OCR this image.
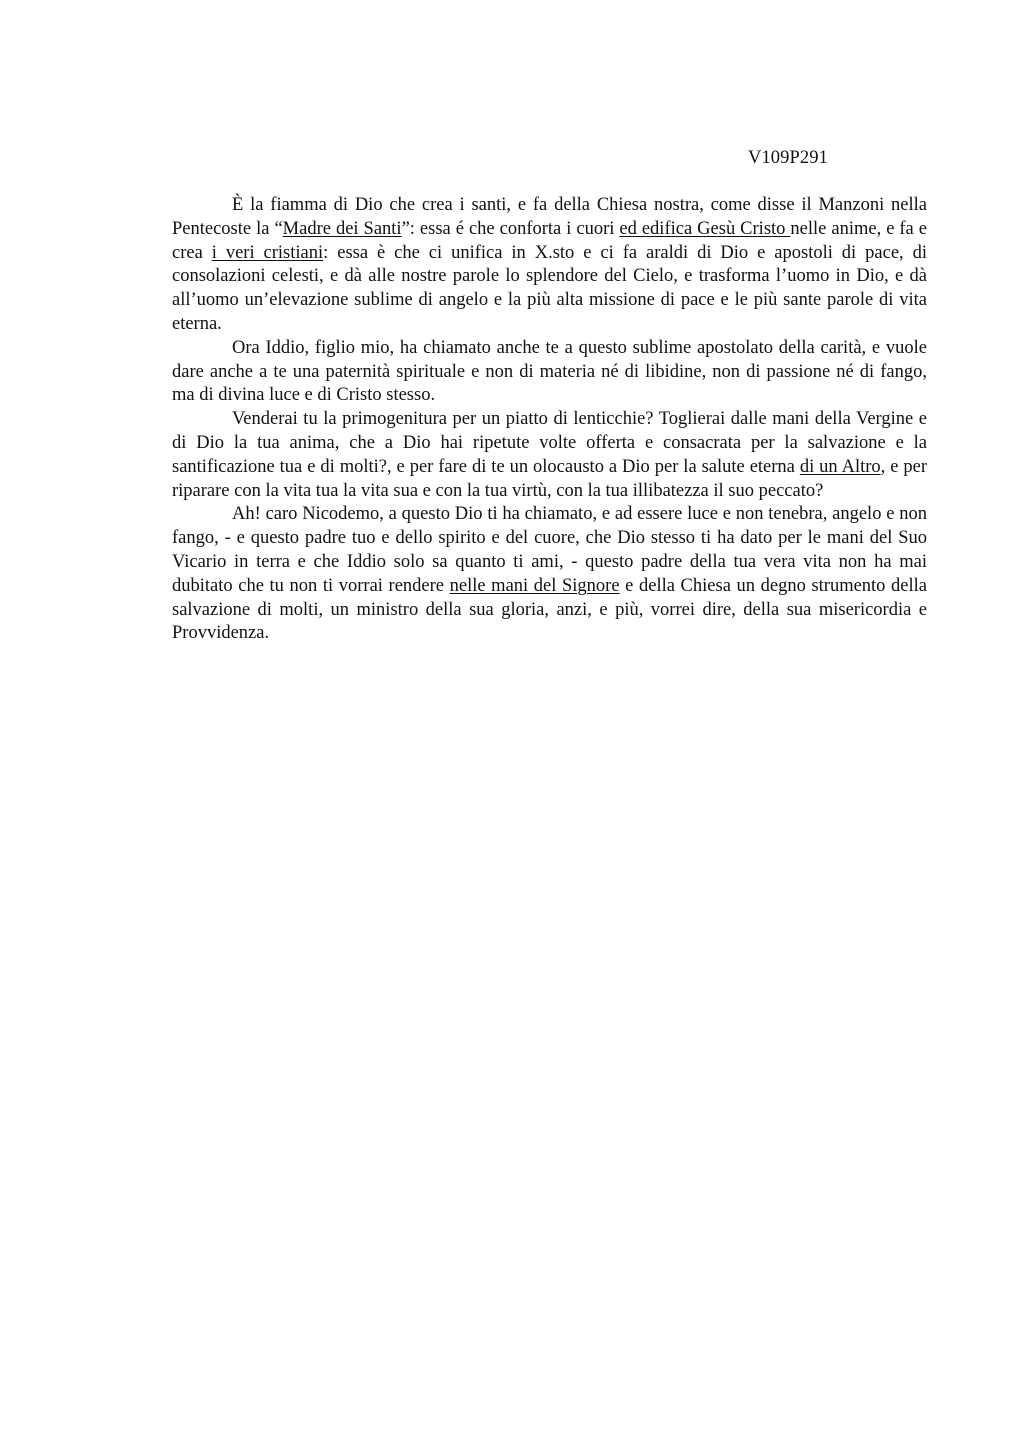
V109P291

È la fiamma di Dio che crea i santi, e fa della Chiesa nostra, come disse il Manzoni nella Pentecoste la “Madre dei Santi”: essa é che conforta i cuori ed edifica Gesù Cristo nelle anime, e fa e crea i veri cristiani: essa è che ci unifica in X.sto e ci fa araldi di Dio e apostoli di pace, di consolazioni celesti, e dà alle nostre parole lo splendore del Cielo, e trasforma l’uomo in Dio, e dà all’uomo un’elevazione sublime di angelo e la più alta missione di pace e le più sante parole di vita eterna.

Ora Iddio, figlio mio, ha chiamato anche te a questo sublime apostolato della carità, e vuole dare anche a te una paternità spirituale e non di materia né di libidine, non di passione né di fango, ma di divina luce e di Cristo stesso.

Venderai tu la primogenitura per un piatto di lenticchie? Toglierai dalle mani della Vergine e di Dio la tua anima, che a Dio hai ripetute volte offerta e consacrata per la salvazione e la santificazione tua e di molti?, e per fare di te un olocausto a Dio per la salute eterna di un Altro, e per riparare con la vita tua la vita sua e con la tua virtù, con la tua illibatezza il suo peccato?

Ah! caro Nicodemo, a questo Dio ti ha chiamato, e ad essere luce e non tenebra, angelo e non fango, - e questo padre tuo e dello spirito e del cuore, che Dio stesso ti ha dato per le mani del Suo Vicario in terra e che Iddio solo sa quanto ti ami, - questo padre della tua vera vita non ha mai dubitato che tu non ti vorrai rendere nelle mani del Signore e della Chiesa un degno strumento della salvazione di molti, un ministro della sua gloria, anzi, e più, vorrei dire, della sua misericordia e Provvidenza.
